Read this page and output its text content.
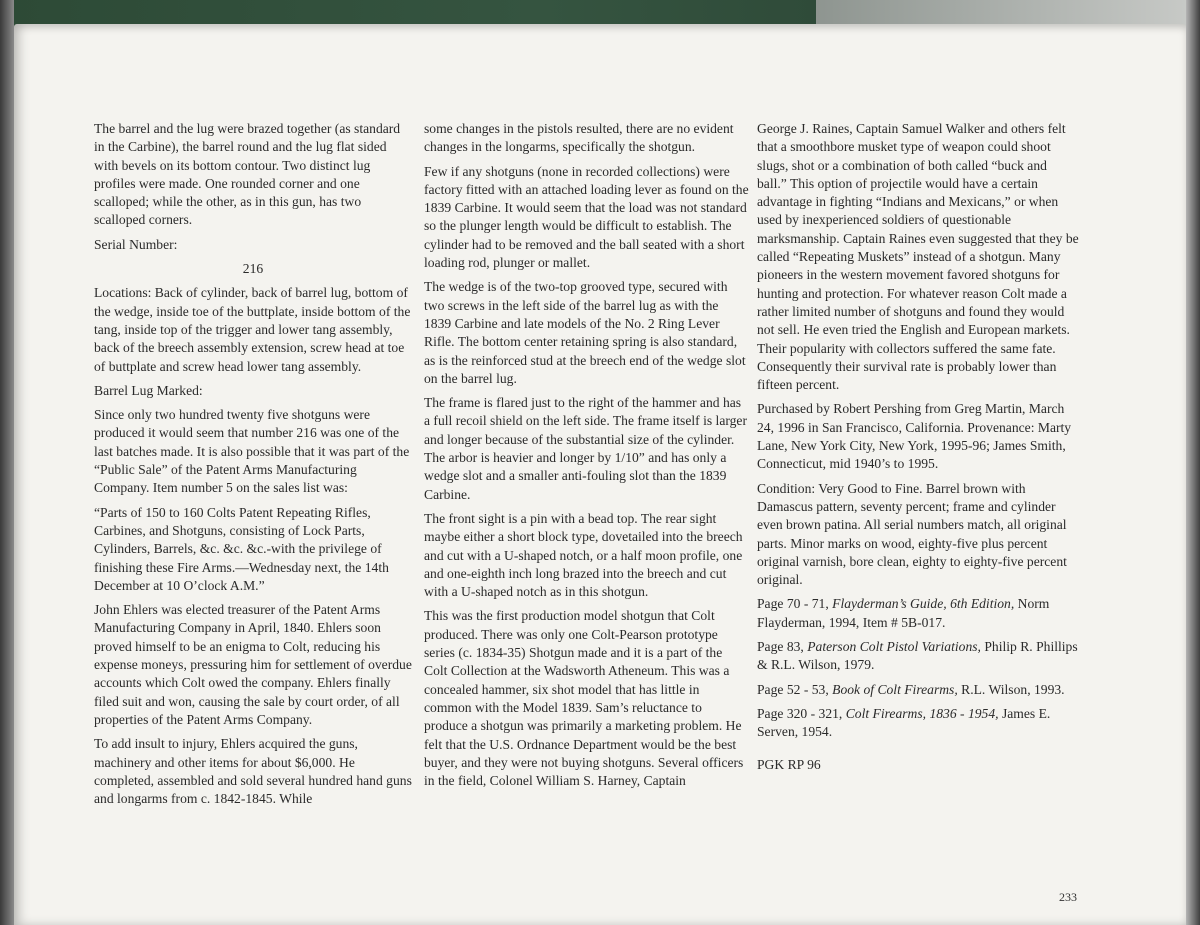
The barrel and the lug were brazed together (as standard in the Carbine), the barrel round and the lug flat sided with bevels on its bottom contour. Two distinct lug profiles were made. One rounded corner and one scalloped; while the other, as in this gun, has two scalloped corners.

Serial Number:

216

Locations: Back of cylinder, back of barrel lug, bottom of the wedge, inside toe of the buttplate, inside bottom of the tang, inside top of the trigger and lower tang assembly, back of the breech assembly extension, screw head at toe of buttplate and screw head lower tang assembly.

Barrel Lug Marked:

Since only two hundred twenty five shotguns were produced it would seem that number 216 was one of the last batches made. It is also possible that it was part of the “Public Sale” of the Patent Arms Manufacturing Company. Item number 5 on the sales list was:

“Parts of 150 to 160 Colts Patent Repeating Rifles, Carbines, and Shotguns, consisting of Lock Parts, Cylinders, Barrels, &c. &c. &c.-with the privilege of finishing these Fire Arms.—Wednesday next, the 14th December at 10 O’clock A.M.”

John Ehlers was elected treasurer of the Patent Arms Manufacturing Company in April, 1840. Ehlers soon proved himself to be an enigma to Colt, reducing his expense moneys, pressuring him for settlement of overdue accounts which Colt owed the company. Ehlers finally filed suit and won, causing the sale by court order, of all properties of the Patent Arms Company.

To add insult to injury, Ehlers acquired the guns, machinery and other items for about $6,000. He completed, assembled and sold several hundred hand guns and longarms from c. 1842-1845. While

some changes in the pistols resulted, there are no evident changes in the longarms, specifically the shotgun.

Few if any shotguns (none in recorded collections) were factory fitted with an attached loading lever as found on the 1839 Carbine. It would seem that the load was not standard so the plunger length would be difficult to establish. The cylinder had to be removed and the ball seated with a short loading rod, plunger or mallet.

The wedge is of the two-top grooved type, secured with two screws in the left side of the barrel lug as with the 1839 Carbine and late models of the No. 2 Ring Lever Rifle. The bottom center retaining spring is also standard, as is the reinforced stud at the breech end of the wedge slot on the barrel lug.

The frame is flared just to the right of the hammer and has a full recoil shield on the left side. The frame itself is larger and longer because of the substantial size of the cylinder. The arbor is heavier and longer by 1/10” and has only a wedge slot and a smaller anti-fouling slot than the 1839 Carbine.

The front sight is a pin with a bead top. The rear sight maybe either a short block type, dovetailed into the breech and cut with a U-shaped notch, or a half moon profile, one and one-eighth inch long brazed into the breech and cut with a U-shaped notch as in this shotgun.

This was the first production model shotgun that Colt produced. There was only one Colt-Pearson prototype series (c. 1834-35) Shotgun made and it is a part of the Colt Collection at the Wadsworth Atheneum. This was a concealed hammer, six shot model that has little in common with the Model 1839. Sam’s reluctance to produce a shotgun was primarily a marketing problem. He felt that the U.S. Ordnance Department would be the best buyer, and they were not buying shotguns. Several officers in the field, Colonel William S. Harney, Captain

George J. Raines, Captain Samuel Walker and others felt that a smoothbore musket type of weapon could shoot slugs, shot or a combination of both called “buck and ball.” This option of projectile would have a certain advantage in fighting “Indians and Mexicans,” or when used by inexperienced soldiers of questionable marksmanship. Captain Raines even suggested that they be called “Repeating Muskets” instead of a shotgun. Many pioneers in the western movement favored shotguns for hunting and protection. For whatever reason Colt made a rather limited number of shotguns and found they would not sell. He even tried the English and European markets. Their popularity with collectors suffered the same fate. Consequently their survival rate is probably lower than fifteen percent.

Purchased by Robert Pershing from Greg Martin, March 24, 1996 in San Francisco, California. Provenance: Marty Lane, New York City, New York, 1995-96; James Smith, Connecticut, mid 1940’s to 1995.

Condition: Very Good to Fine. Barrel brown with Damascus pattern, seventy percent; frame and cylinder even brown patina. All serial numbers match, all original parts. Minor marks on wood, eighty-five plus percent original varnish, bore clean, eighty to eighty-five percent original.

Page 70 - 71, Flayderman’s Guide, 6th Edition, Norm Flayderman, 1994, Item # 5B-017.

Page 83, Paterson Colt Pistol Variations, Philip R. Phillips & R.L. Wilson, 1979.

Page 52 - 53, Book of Colt Firearms, R.L. Wilson, 1993.

Page 320 - 321, Colt Firearms, 1836 - 1954, James E. Serven, 1954.

PGK RP 96

233
